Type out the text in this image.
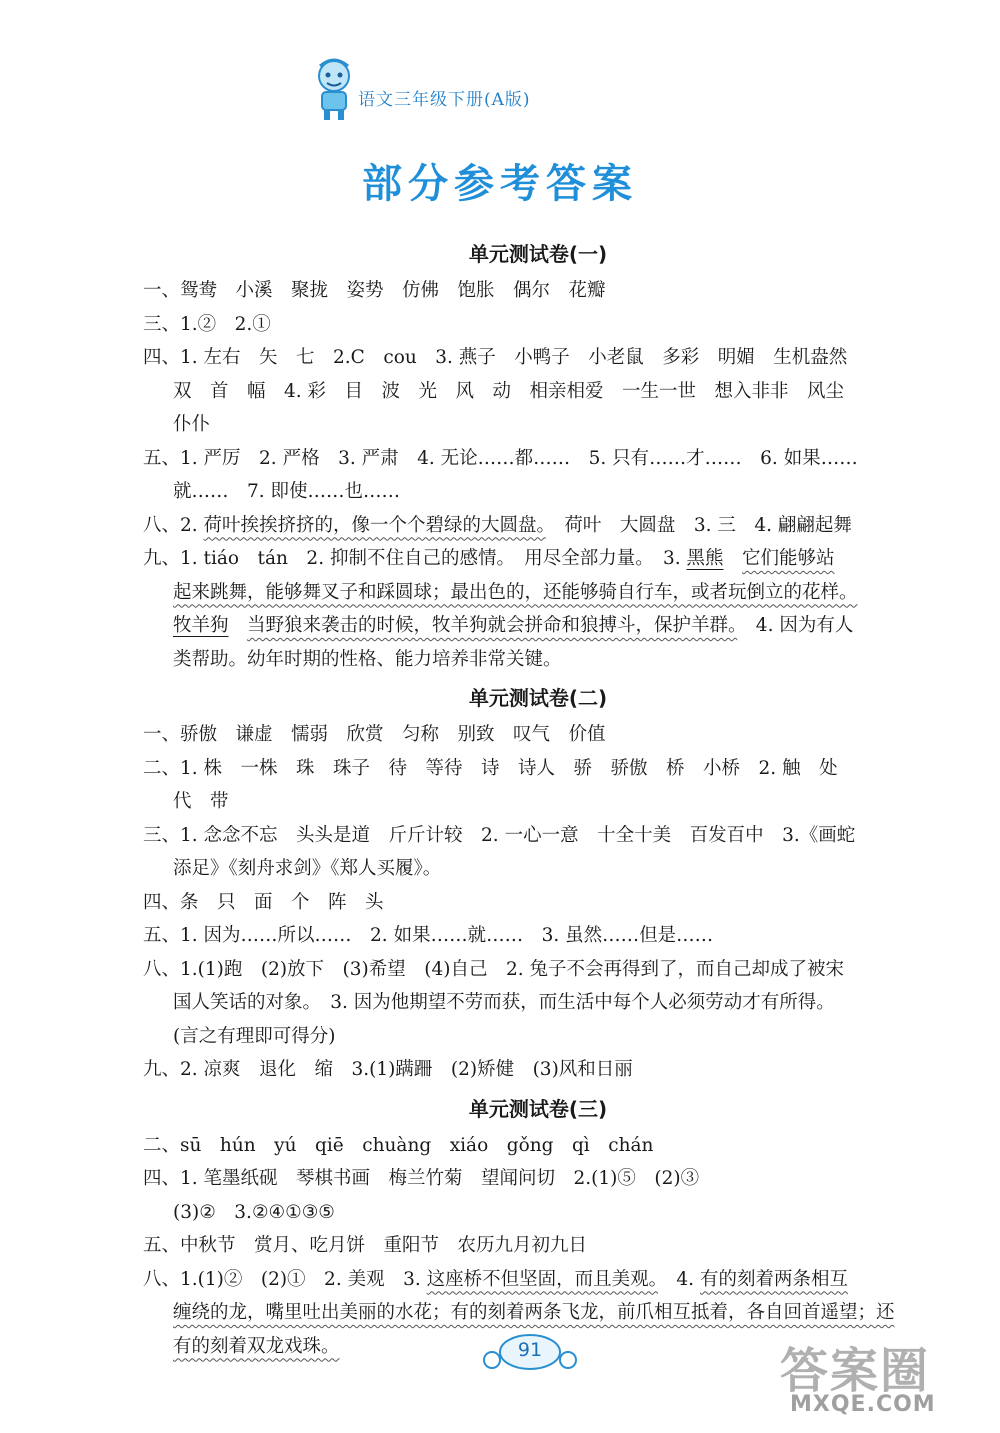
语文三年级下册(A版)
部分参考答案
单元测试卷(一)
一、鸳鸯　小溪　聚拢　姿势　仿佛　饱胀　偶尔　花瓣
三、1.②　2.①
四、1. 左右　矢　七　2.C　cou　3. 燕子　小鸭子　小老鼠　多彩　明媚　生机盎然
双　首　幅　4. 彩　目　波　光　风　动　相亲相爱　一生一世　想入非非　风尘
仆仆
五、1. 严厉　2. 严格　3. 严肃　4. 无论……都……　5. 只有……才……　6. 如果……
就……　7. 即使……也……
八、2. 荷叶挨挨挤挤的，像一个个碧绿的大圆盘。　荷叶　大圆盘　3. 三　4. 翩翩起舞
九、1. tiáo　tán　2. 抑制不住自己的感情。　用尽全部力量。　3. 黑熊　 它们能够站
起来跳舞，能够舞叉子和踩圆球；最出色的，还能够骑自行车，或者玩倒立的花样。
牧羊狗　 当野狼来袭击的时候，牧羊狗就会拼命和狼搏斗，保护羊群。　4. 因为有人
类帮助。幼年时期的性格、能力培养非常关键。
单元测试卷(二)
一、骄傲　谦虚　懦弱　欣赏　匀称　别致　叹气　价值
二、1. 株　一株　珠　珠子　待　等待　诗　诗人　骄　骄傲　桥　小桥　2. 触　处
代　带
三、1. 念念不忘　头头是道　斤斤计较　2. 一心一意　十全十美　百发百中　3.《画蛇
添足》《刻舟求剑》《郑人买履》。
四、条　只　面　个　阵　头
五、1. 因为……所以……　2. 如果……就……　3. 虽然……但是……
八、1.(1)跑　(2)放下　(3)希望　(4)自己　2. 兔子不会再得到了，而自己却成了被宋
国人笑话的对象。　3. 因为他期望不劳而获，而生活中每个人必须劳动才有所得。
(言之有理即可得分)
九、2. 凉爽　退化　缩　3.(1)蹒跚　(2)矫健　(3)风和日丽
单元测试卷(三)
二、sū　hún　yú　qiē　chuàng　xiáo　gǒng　qì　chán
四、1. 笔墨纸砚　琴棋书画　梅兰竹菊　望闻问切　2.(1)⑤　(2)③
(3)②　3.②④①③⑤
五、中秋节　赏月、吃月饼　重阳节　农历九月初九日
八、1.(1)②　(2)①　2. 美观　3. 这座桥不但坚固，而且美观。　4. 有的刻着两条相互
缠绕的龙，嘴里吐出美丽的水花；有的刻着两条飞龙，前爪相互抵着，各自回首遥望；还
有的刻着双龙戏珠。	91	答案圈
MXQE.COM
